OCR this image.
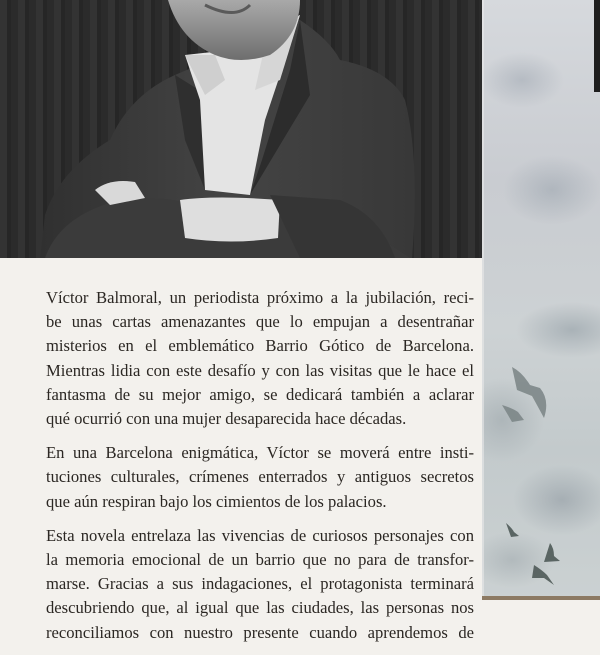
Víctor Balmoral, un periodista próximo a la jubilación, reci-
be unas cartas amenazantes que lo empujan a desentrañar
misterios en el emblemático Barrio Gótico de Barcelona.
Mientras lidia con este desafío y con las visitas que le hace el
fantasma de su mejor amigo, se dedicará también a aclarar
qué ocurrió con una mujer desaparecida hace décadas.

En una Barcelona enigmática, Víctor se moverá entre insti-
tuciones culturales, crímenes enterrados y antiguos secretos
que aún respiran bajo los cimientos de los palacios.

Esta novela entrelaza las vivencias de curiosos personajes con
la memoria emocional de un barrio que no para de transfor-
marse. Gracias a sus indagaciones, el protagonista terminará
descubriendo que, al igual que las ciudades, las personas nos
reconciliamos con nuestro presente cuando aprendemos de
